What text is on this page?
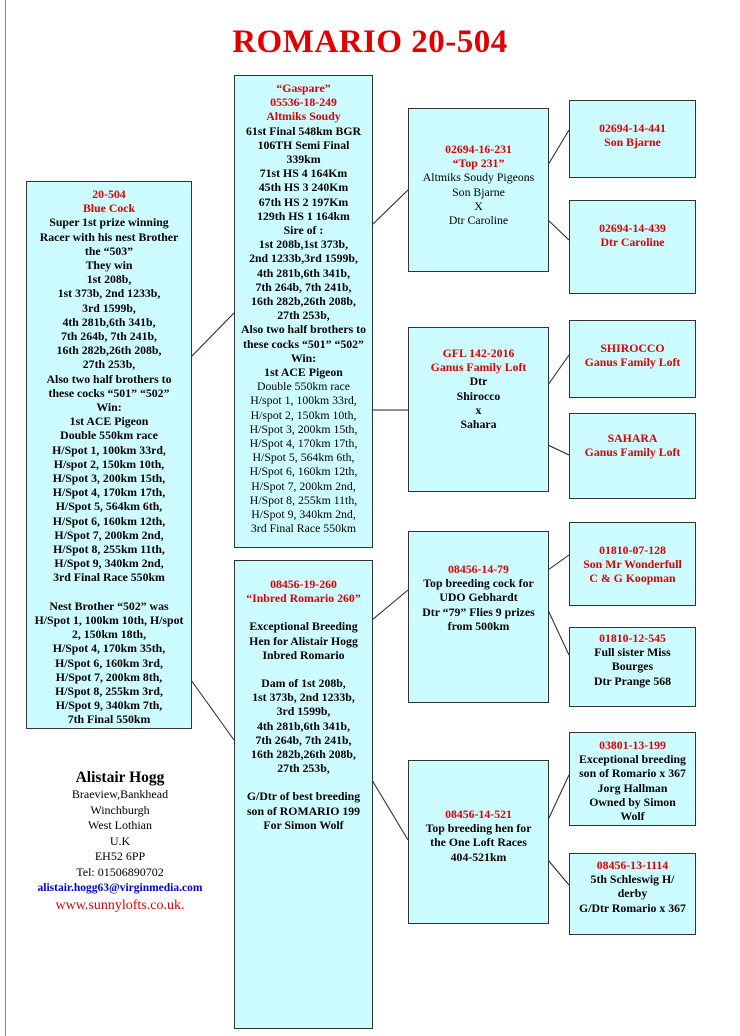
ROMARIO 20-504
20-504
Blue Cock
Super 1st prize winning
Racer with his nest Brother
the “503”
They win
1st 208b,
1st 373b, 2nd 1233b,
3rd 1599b,
4th 281b,6th 341b,
7th 264b, 7th 241b,
16th 282b,26th 208b,
27th 253b,
Also two half brothers to
these cocks “501” “502”
Win:
1st ACE Pigeon
Double 550km race
H/Spot 1, 100km 33rd,
H/spot 2, 150km 10th,
H/Spot 3, 200km 15th,
H/Spot 4, 170km 17th,
H/Spot 5, 564km 6th,
H/Spot 6, 160km 12th,
H/Spot 7, 200km 2nd,
H/Spot 8, 255km 11th,
H/Spot 9, 340km 2nd,
3rd Final Race 550km
Nest Brother “502” was
H/Spot 1, 100km 10th, H/spot
2, 150km 18th,
H/Spot 4, 170km 35th,
H/Spot 6, 160km 3rd,
H/Spot 7, 200km 8th,
H/Spot 8, 255km 3rd,
H/Spot 9, 340km 7th,
7th Final 550km
“Gaspare”
05536-18-249
Altmiks Soudy
61st Final 548km BGR
106TH Semi Final
339km
71st HS 4 164Km
45th HS 3 240Km
67th HS 2 197Km
129th HS 1 164km
Sire of :
1st 208b,1st 373b,
2nd 1233b,3rd 1599b,
4th 281b,6th 341b,
7th 264b, 7th 241b,
16th 282b,26th 208b,
27th 253b,
Also two half brothers to
these cocks “501” “502”
Win:
1st ACE Pigeon
Double 550km race
H/spot 1, 100km 33rd,
H/spot 2, 150km 10th,
H/Spot 3, 200km 15th,
H/Spot 4, 170km 17th,
H/Spot 5, 564km 6th,
H/Spot 6, 160km 12th,
H/Spot 7, 200km 2nd,
H/Spot 8, 255km 11th,
H/Spot 9, 340km 2nd,
3rd Final Race 550km
08456-19-260
“Inbred Romario 260”
Exceptional Breeding
Hen for Alistair Hogg
Inbred Romario
Dam of 1st 208b,
1st 373b, 2nd 1233b,
3rd 1599b,
4th 281b,6th 341b,
7th 264b, 7th 241b,
16th 282b,26th 208b,
27th 253b,
G/Dtr of best breeding
son of ROMARIO 199
For Simon Wolf
02694-16-231
“Top 231”
Altmiks Soudy Pigeons
Son Bjarne
X
Dtr Caroline
GFL 142-2016
Ganus Family Loft
Dtr
Shirocco
x
Sahara
08456-14-79
Top breeding cock for
UDO Gebhardt
Dtr “79” Flies 9 prizes
from 500km
08456-14-521
Top breeding hen for
the One Loft Races
404-521km
02694-14-441
Son Bjarne
02694-14-439
Dtr Caroline
SHIROCCO
Ganus Family Loft
SAHARA
Ganus Family Loft
01810-07-128
Son Mr Wonderfull
C & G Koopman
01810-12-545
Full sister Miss
Bourges
Dtr Prange 568
03801-13-199
Exceptional breeding
son of Romario x 367
Jorg Hallman
Owned by Simon
Wolf
08456-13-1114
5th Schleswig H/
derby
G/Dtr Romario x 367
Alistair Hogg
Braeview,Bankhead
Winchburgh
West Lothian
U.K
EH52 6PP
Tel: 01506890702
alistair.hogg63@virginmedia.com
www.sunnylofts.co.uk.
